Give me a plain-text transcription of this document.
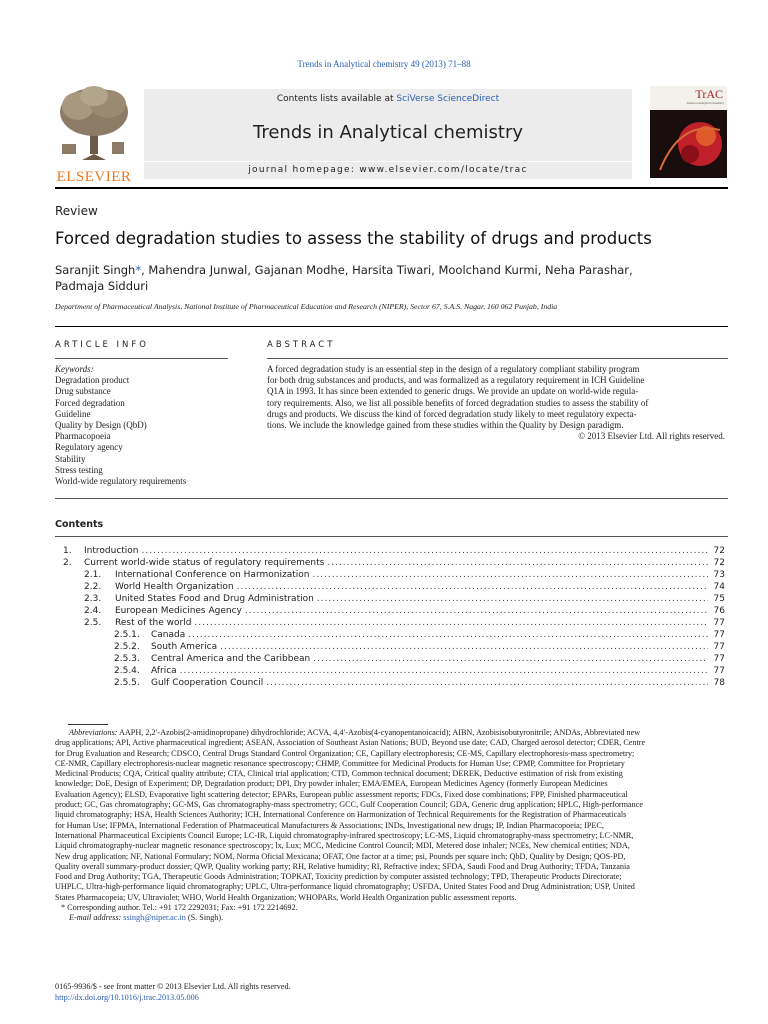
Trends in Analytical chemistry 49 (2013) 71–88
ELSEVIER
Contents lists available at SciVerse ScienceDirect
Trends in Analytical chemistry
journal homepage: www.elsevier.com/locate/trac
TrAC
Trends in Analytical Chemistry
Review
Forced degradation studies to assess the stability of drugs and products
Saranjit Singh*, Mahendra Junwal, Gajanan Modhe, Harsita Tiwari, Moolchand Kurmi, Neha Parashar,
Padmaja Sidduri
Department of Pharmaceutical Analysis, National Institute of Pharmaceutical Education and Research (NIPER), Sector 67, S.A.S. Nagar, 160 062 Punjab, India
ARTICLE INFO
Keywords:
Degradation product
Drug substance
Forced degradation
Guideline
Quality by Design (QbD)
Pharmacopoeia
Regulatory agency
Stability
Stress testing
World-wide regulatory requirements
ABSTRACT
A forced degradation study is an essential step in the design of a regulatory compliant stability program
for both drug substances and products, and was formalized as a regulatory requirement in ICH Guideline
Q1A in 1993. It has since been extended to generic drugs. We provide an update on world-wide regula-
tory requirements. Also, we list all possible benefits of forced degradation studies to assess the stability of
drugs and products. We discuss the kind of forced degradation study likely to meet regulatory expecta-
tions. We include the knowledge gained from these studies within the Quality by Design paradigm.
© 2013 Elsevier Ltd. All rights reserved.
Contents
1.	Introduction .....	72
2.	Current world-wide status of regulatory requirements .....	72
2.1.	International Conference on Harmonization .....	73
2.2.	World Health Organization .....	74
2.3.	United States Food and Drug Administration .....	75
2.4.	European Medicines Agency .....	76
2.5.	Rest of the world .....	77
2.5.1.	Canada .....	77
2.5.2.	South America .....	77
2.5.3.	Central America and the Caribbean .....	77
2.5.4.	Africa .....	77
2.5.5.	Gulf Cooperation Council .....	78
Abbreviations: AAPH, 2,2′-Azobis(2-amidinopropane) dihydrochloride; ACVA, 4,4′-Azobis(4-cyanopentanoicacid); AIBN, Azobisisobutyronitrile; ANDAs, Abbreviated new
drug applications; API, Active pharmaceutical ingredient; ASEAN, Association of Southeast Asian Nations; BUD, Beyond use date; CAD, Charged aerosol detector; CDER, Centre
for Drug Evaluation and Research; CDSCO, Central Drugs Standard Control Organization; CE, Capillary electrophoresis; CE-MS, Capillary electrophoresis-mass spectrometry;
CE-NMR, Capillary electrophoresis-nuclear magnetic resonance spectroscopy; CHMP, Committee for Medicinal Products for Human Use; CPMP, Committee for Proprietary
Medicinal Products; CQA, Critical quality attribute; CTA, Clinical trial application; CTD, Common technical document; DEREK, Deductive estimation of risk from existing
knowledge; DoE, Design of Experiment; DP, Degradation product; DPI, Dry powder inhaler; EMA/EMEA, European Medicines Agency (formerly European Medicines
Evaluation Agency); ELSD, Evaporative light scattering detector; EPARs, European public assessment reports; FDCs, Fixed dose combinations; FPP, Finished pharmaceutical
product; GC, Gas chromatography; GC-MS, Gas chromatography-mass spectrometry; GCC, Gulf Cooperation Council; GDA, Generic drug application; HPLC, High-performance
liquid chromatography; HSA, Health Sciences Authority; ICH, International Conference on Harmonization of Technical Requirements for the Registration of Pharmaceuticals
for Human Use; IFPMA, International Federation of Pharmaceutical Manufacturers & Associations; INDs, Investigational new drugs; IP, Indian Pharmacopoeia; IPEC,
International Pharmaceutical Excipients Council Europe; LC-IR, Liquid chromatography-infrared spectroscopy; LC-MS, Liquid chromatography-mass spectrometry; LC-NMR,
Liquid chromatography-nuclear magnetic resonance spectroscopy; lx, Lux; MCC, Medicine Control Council; MDI, Metered dose inhaler; NCEs, New chemical entities; NDA,
New drug application; NF, National Formulary; NOM, Norma Oficial Mexicana; OFAT, One factor at a time; psi, Pounds per square inch; QbD, Quality by Design; QOS-PD,
Quality overall summary-product dossier; QWP, Quality working party; RH, Relative humidity; RI, Refractive index; SFDA, Saudi Food and Drug Authority; TFDA, Tanzania
Food and Drug Authority; TGA, Therapeutic Goods Administration; TOPKAT, Toxicity prediction by computer assisted technology; TPD, Therapeutic Products Directorate;
UHPLC, Ultra-high-performance liquid chromatography; UPLC, Ultra-performance liquid chromatography; USFDA, United States Food and Drug Administration; USP, United
States Pharmacopeia; UV, Ultraviolet; WHO, World Health Organization; WHOPARs, World Health Organization public assessment reports.
* Corresponding author. Tel.: +91 172 2292031; Fax: +91 172 2214692.
E-mail address: ssingh@niper.ac.in (S. Singh).
0165-9936/$ - see front matter © 2013 Elsevier Ltd. All rights reserved.
http://dx.doi.org/10.1016/j.trac.2013.05.006
